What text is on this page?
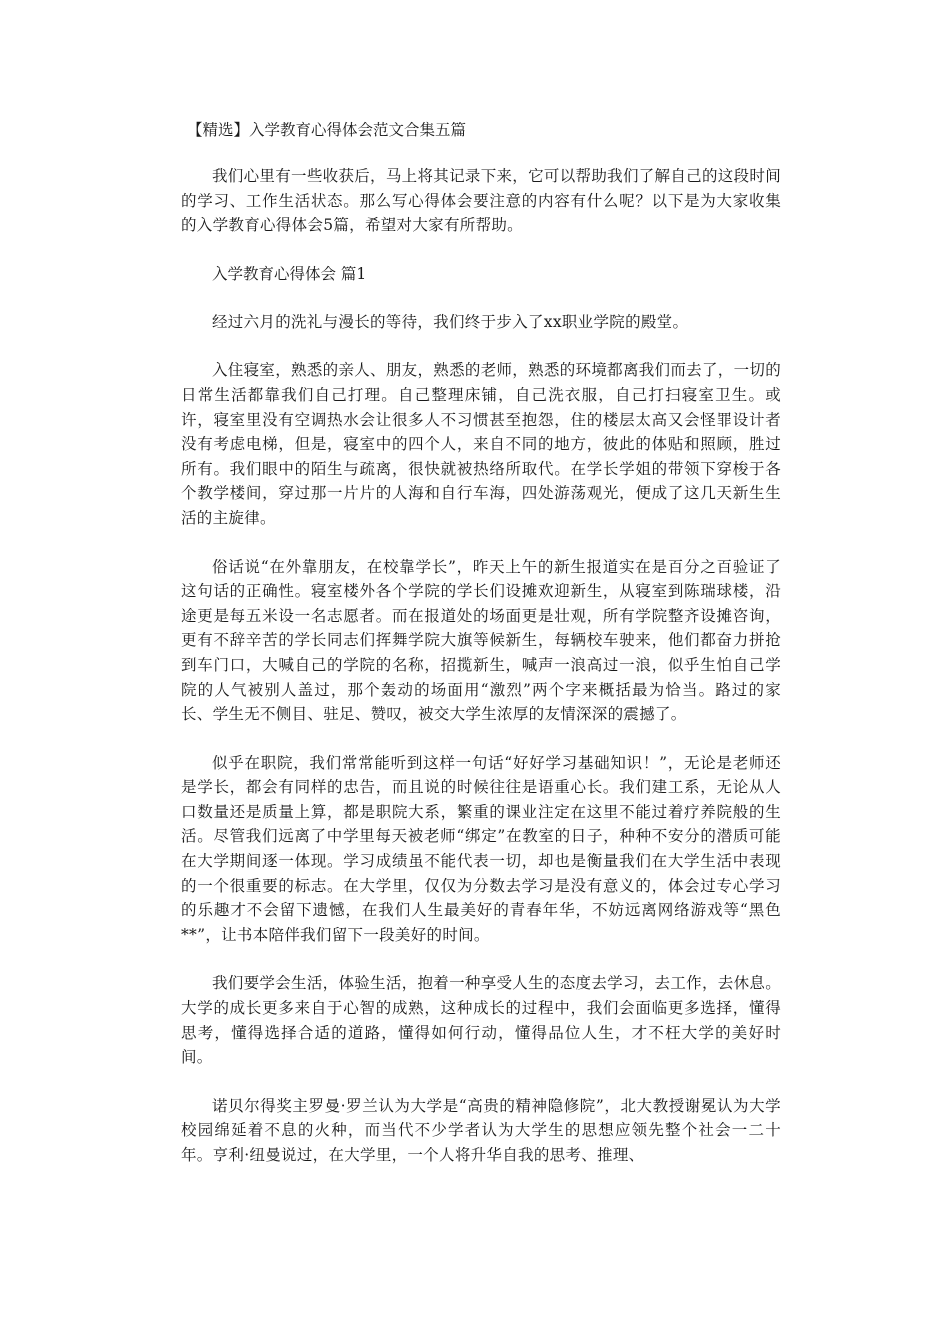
【精选】入学教育心得体会范文合集五篇

我们心里有一些收获后，马上将其记录下来，它可以帮助我们了解自己的这段时间的学习、工作生活状态。那么写心得体会要注意的内容有什么呢？以下是为大家收集的入学教育心得体会5篇，希望对大家有所帮助。

入学教育心得体会 篇1

经过六月的洗礼与漫长的等待，我们终于步入了xx职业学院的殿堂。

入住寝室，熟悉的亲人、朋友，熟悉的老师，熟悉的环境都离我们而去了，一切的日常生活都靠我们自己打理。自己整理床铺，自己洗衣服，自己打扫寝室卫生。或许，寝室里没有空调热水会让很多人不习惯甚至抱怨，住的楼层太高又会怪罪设计者没有考虑电梯，但是，寝室中的四个人，来自不同的地方，彼此的体贴和照顾，胜过所有。我们眼中的陌生与疏离，很快就被热络所取代。在学长学姐的带领下穿梭于各个教学楼间，穿过那一片片的人海和自行车海，四处游荡观光，便成了这几天新生生活的主旋律。

俗话说“在外靠朋友，在校靠学长”，昨天上午的新生报道实在是百分之百验证了这句话的正确性。寝室楼外各个学院的学长们设摊欢迎新生，从寝室到陈瑞球楼，沿途更是每五米设一名志愿者。而在报道处的场面更是壮观，所有学院整齐设摊咨询，更有不辞辛苦的学长同志们挥舞学院大旗等候新生，每辆校车驶来，他们都奋力拼抢到车门口，大喊自己的学院的名称，招揽新生，喊声一浪高过一浪，似乎生怕自己学院的人气被别人盖过，那个轰动的场面用“激烈”两个字来概括最为恰当。路过的家长、学生无不侧目、驻足、赞叹，被交大学生浓厚的友情深深的震撼了。

似乎在职院，我们常常能听到这样一句话“好好学习基础知识！”，无论是老师还是学长，都会有同样的忠告，而且说的时候往往是语重心长。我们建工系，无论从人口数量还是质量上算，都是职院大系，繁重的课业注定在这里不能过着疗养院般的生活。尽管我们远离了中学里每天被老师“绑定”在教室的日子，种种不安分的潜质可能在大学期间逐一体现。学习成绩虽不能代表一切，却也是衡量我们在大学生活中表现的一个很重要的标志。在大学里，仅仅为分数去学习是没有意义的，体会过专心学习的乐趣才不会留下遗憾，在我们人生最美好的青春年华，不妨远离网络游戏等“黑色**”，让书本陪伴我们留下一段美好的时间。

我们要学会生活，体验生活，抱着一种享受人生的态度去学习，去工作，去休息。大学的成长更多来自于心智的成熟，这种成长的过程中，我们会面临更多选择，懂得思考，懂得选择合适的道路，懂得如何行动，懂得品位人生，才不枉大学的美好时间。

诺贝尔得奖主罗曼·罗兰认为大学是“高贵的精神隐修院”，北大教授谢冕认为大学校园绵延着不息的火种，而当代不少学者认为大学生的思想应领先整个社会一二十年。亨利·纽曼说过，在大学里，一个人将升华自我的思考、推理、
